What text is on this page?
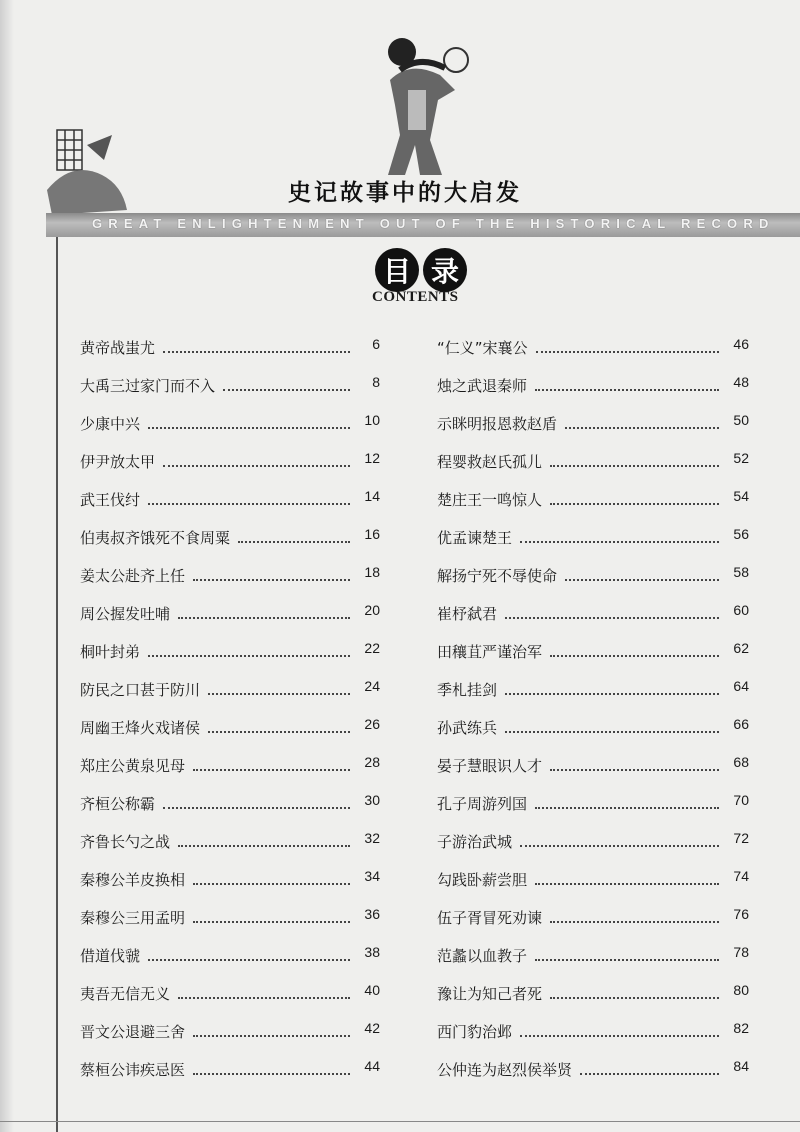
史记故事中的大启发
GREAT ENLIGHTENMENT OUT OF THE HISTORICAL RECORD
目 录
CONTENTS
黄帝战蚩尤	6
大禹三过家门而不入	8
少康中兴	10
伊尹放太甲	12
武王伐纣	14
伯夷叔齐饿死不食周粟	16
姜太公赴齐上任	18
周公握发吐哺	20
桐叶封弟	22
防民之口甚于防川	24
周幽王烽火戏诸侯	26
郑庄公黄泉见母	28
齐桓公称霸	30
齐鲁长勺之战	32
秦穆公羊皮换相	34
秦穆公三用孟明	36
借道伐虢	38
夷吾无信无义	40
晋文公退避三舍	42
蔡桓公讳疾忌医	44
“仁义”宋襄公	46
烛之武退秦师	48
示眯明报恩救赵盾	50
程婴救赵氏孤儿	52
楚庄王一鸣惊人	54
优孟谏楚王	56
解扬宁死不辱使命	58
崔杼弑君	60
田穰苴严谨治军	62
季札挂剑	64
孙武练兵	66
晏子慧眼识人才	68
孔子周游列国	70
子游治武城	72
勾践卧薪尝胆	74
伍子胥冒死劝谏	76
范蠡以血教子	78
豫让为知己者死	80
西门豹治邺	82
公仲连为赵烈侯举贤	84
